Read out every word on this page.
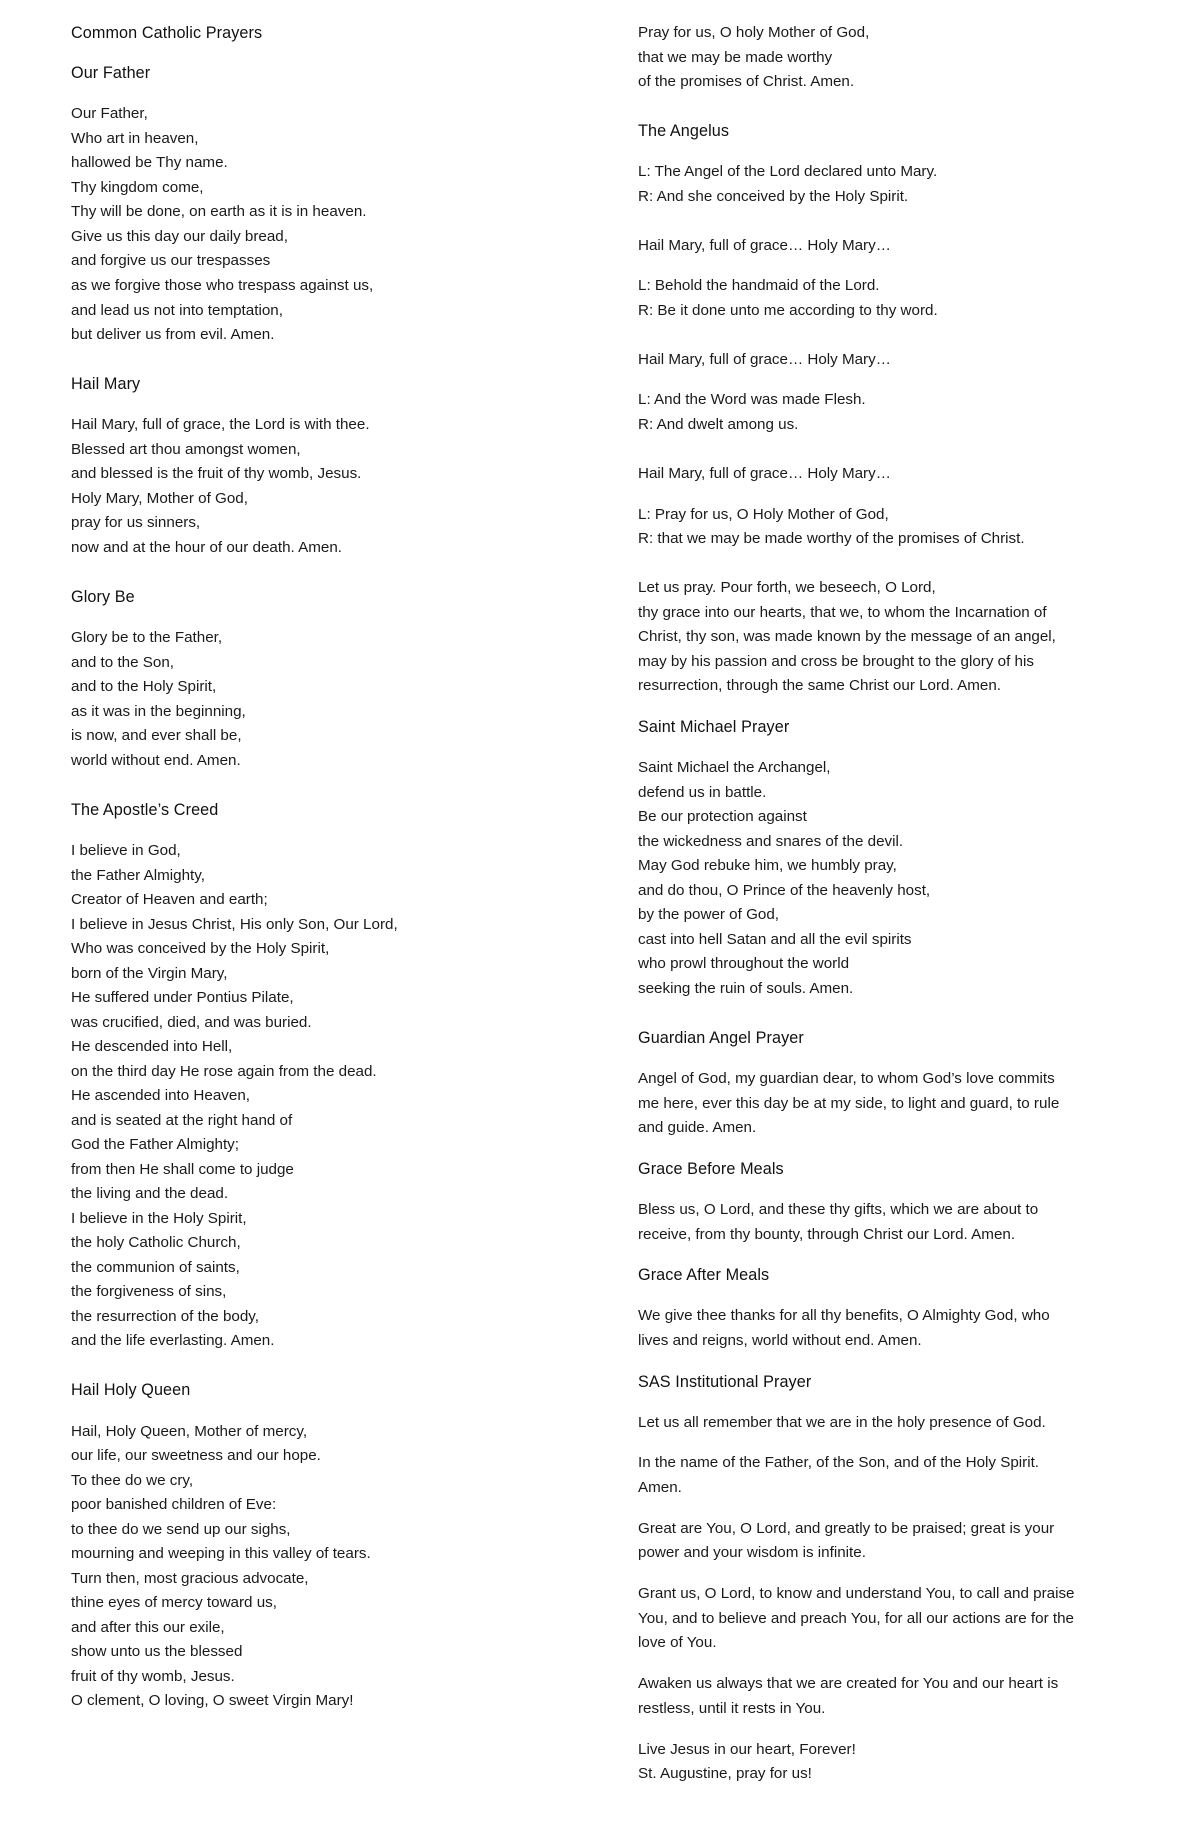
Common Catholic Prayers
Our Father
Our Father,
Who art in heaven,
hallowed be Thy name.
Thy kingdom come,
Thy will be done, on earth as it is in heaven.
Give us this day our daily bread,
and forgive us our trespasses
as we forgive those who trespass against us,
and lead us not into temptation,
but deliver us from evil. Amen.
Hail Mary
Hail Mary, full of grace, the Lord is with thee.
Blessed art thou amongst women,
and blessed is the fruit of thy womb, Jesus.
Holy Mary, Mother of God,
pray for us sinners,
now and at the hour of our death. Amen.
Glory Be
Glory be to the Father,
and to the Son,
and to the Holy Spirit,
as it was in the beginning,
is now, and ever shall be,
world without end. Amen.
The Apostle’s Creed
I believe in God,
the Father Almighty,
Creator of Heaven and earth;
I believe in Jesus Christ, His only Son, Our Lord,
Who was conceived by the Holy Spirit,
born of the Virgin Mary,
He suffered under Pontius Pilate,
was crucified, died, and was buried.
He descended into Hell,
on the third day He rose again from the dead.
He ascended into Heaven,
and is seated at the right hand of
God the Father Almighty;
from then He shall come to judge
the living and the dead.
I believe in the Holy Spirit,
the holy Catholic Church,
the communion of saints,
the forgiveness of sins,
the resurrection of the body,
and the life everlasting. Amen.
Hail Holy Queen
Hail, Holy Queen, Mother of mercy,
our life, our sweetness and our hope.
To thee do we cry,
poor banished children of Eve:
to thee do we send up our sighs,
mourning and weeping in this valley of tears.
Turn then, most gracious advocate,
thine eyes of mercy toward us,
and after this our exile,
show unto us the blessed
fruit of thy womb, Jesus.
O clement, O loving, O sweet Virgin Mary!
Pray for us, O holy Mother of God,
that we may be made worthy
of the promises of Christ. Amen.
The Angelus
L: The Angel of the Lord declared unto Mary.
R: And she conceived by the Holy Spirit.
Hail Mary, full of grace… Holy Mary…
L: Behold the handmaid of the Lord.
R: Be it done unto me according to thy word.
Hail Mary, full of grace… Holy Mary…
L: And the Word was made Flesh.
R: And dwelt among us.
Hail Mary, full of grace… Holy Mary…
L: Pray for us, O Holy Mother of God,
R: that we may be made worthy of the promises of Christ.
Let us pray. Pour forth, we beseech, O Lord,
thy grace into our hearts, that we, to whom the Incarnation of
Christ, thy son, was made known by the message of an angel,
may by his passion and cross be brought to the glory of his
resurrection, through the same Christ our Lord. Amen.
Saint Michael Prayer
Saint Michael the Archangel,
defend us in battle.
Be our protection against
the wickedness and snares of the devil.
May God rebuke him, we humbly pray,
and do thou, O Prince of the heavenly host,
by the power of God,
cast into hell Satan and all the evil spirits
who prowl throughout the world
seeking the ruin of souls. Amen.
Guardian Angel Prayer
Angel of God, my guardian dear, to whom God’s love commits
me here, ever this day be at my side, to light and guard, to rule
and guide. Amen.
Grace Before Meals
Bless us, O Lord, and these thy gifts, which we are about to
receive, from thy bounty, through Christ our Lord. Amen.
Grace After Meals
We give thee thanks for all thy benefits, O Almighty God, who
lives and reigns, world without end. Amen.
SAS Institutional Prayer
Let us all remember that we are in the holy presence of God.
In the name of the Father, of the Son, and of the Holy Spirit.
Amen.
Great are You, O Lord, and greatly to be praised; great is your
power and your wisdom is infinite.
Grant us, O Lord, to know and understand You, to call and praise
You, and to believe and preach You, for all our actions are for the
love of You.
Awaken us always that we are created for You and our heart is
restless, until it rests in You.
Live Jesus in our heart, Forever!
St. Augustine, pray for us!
